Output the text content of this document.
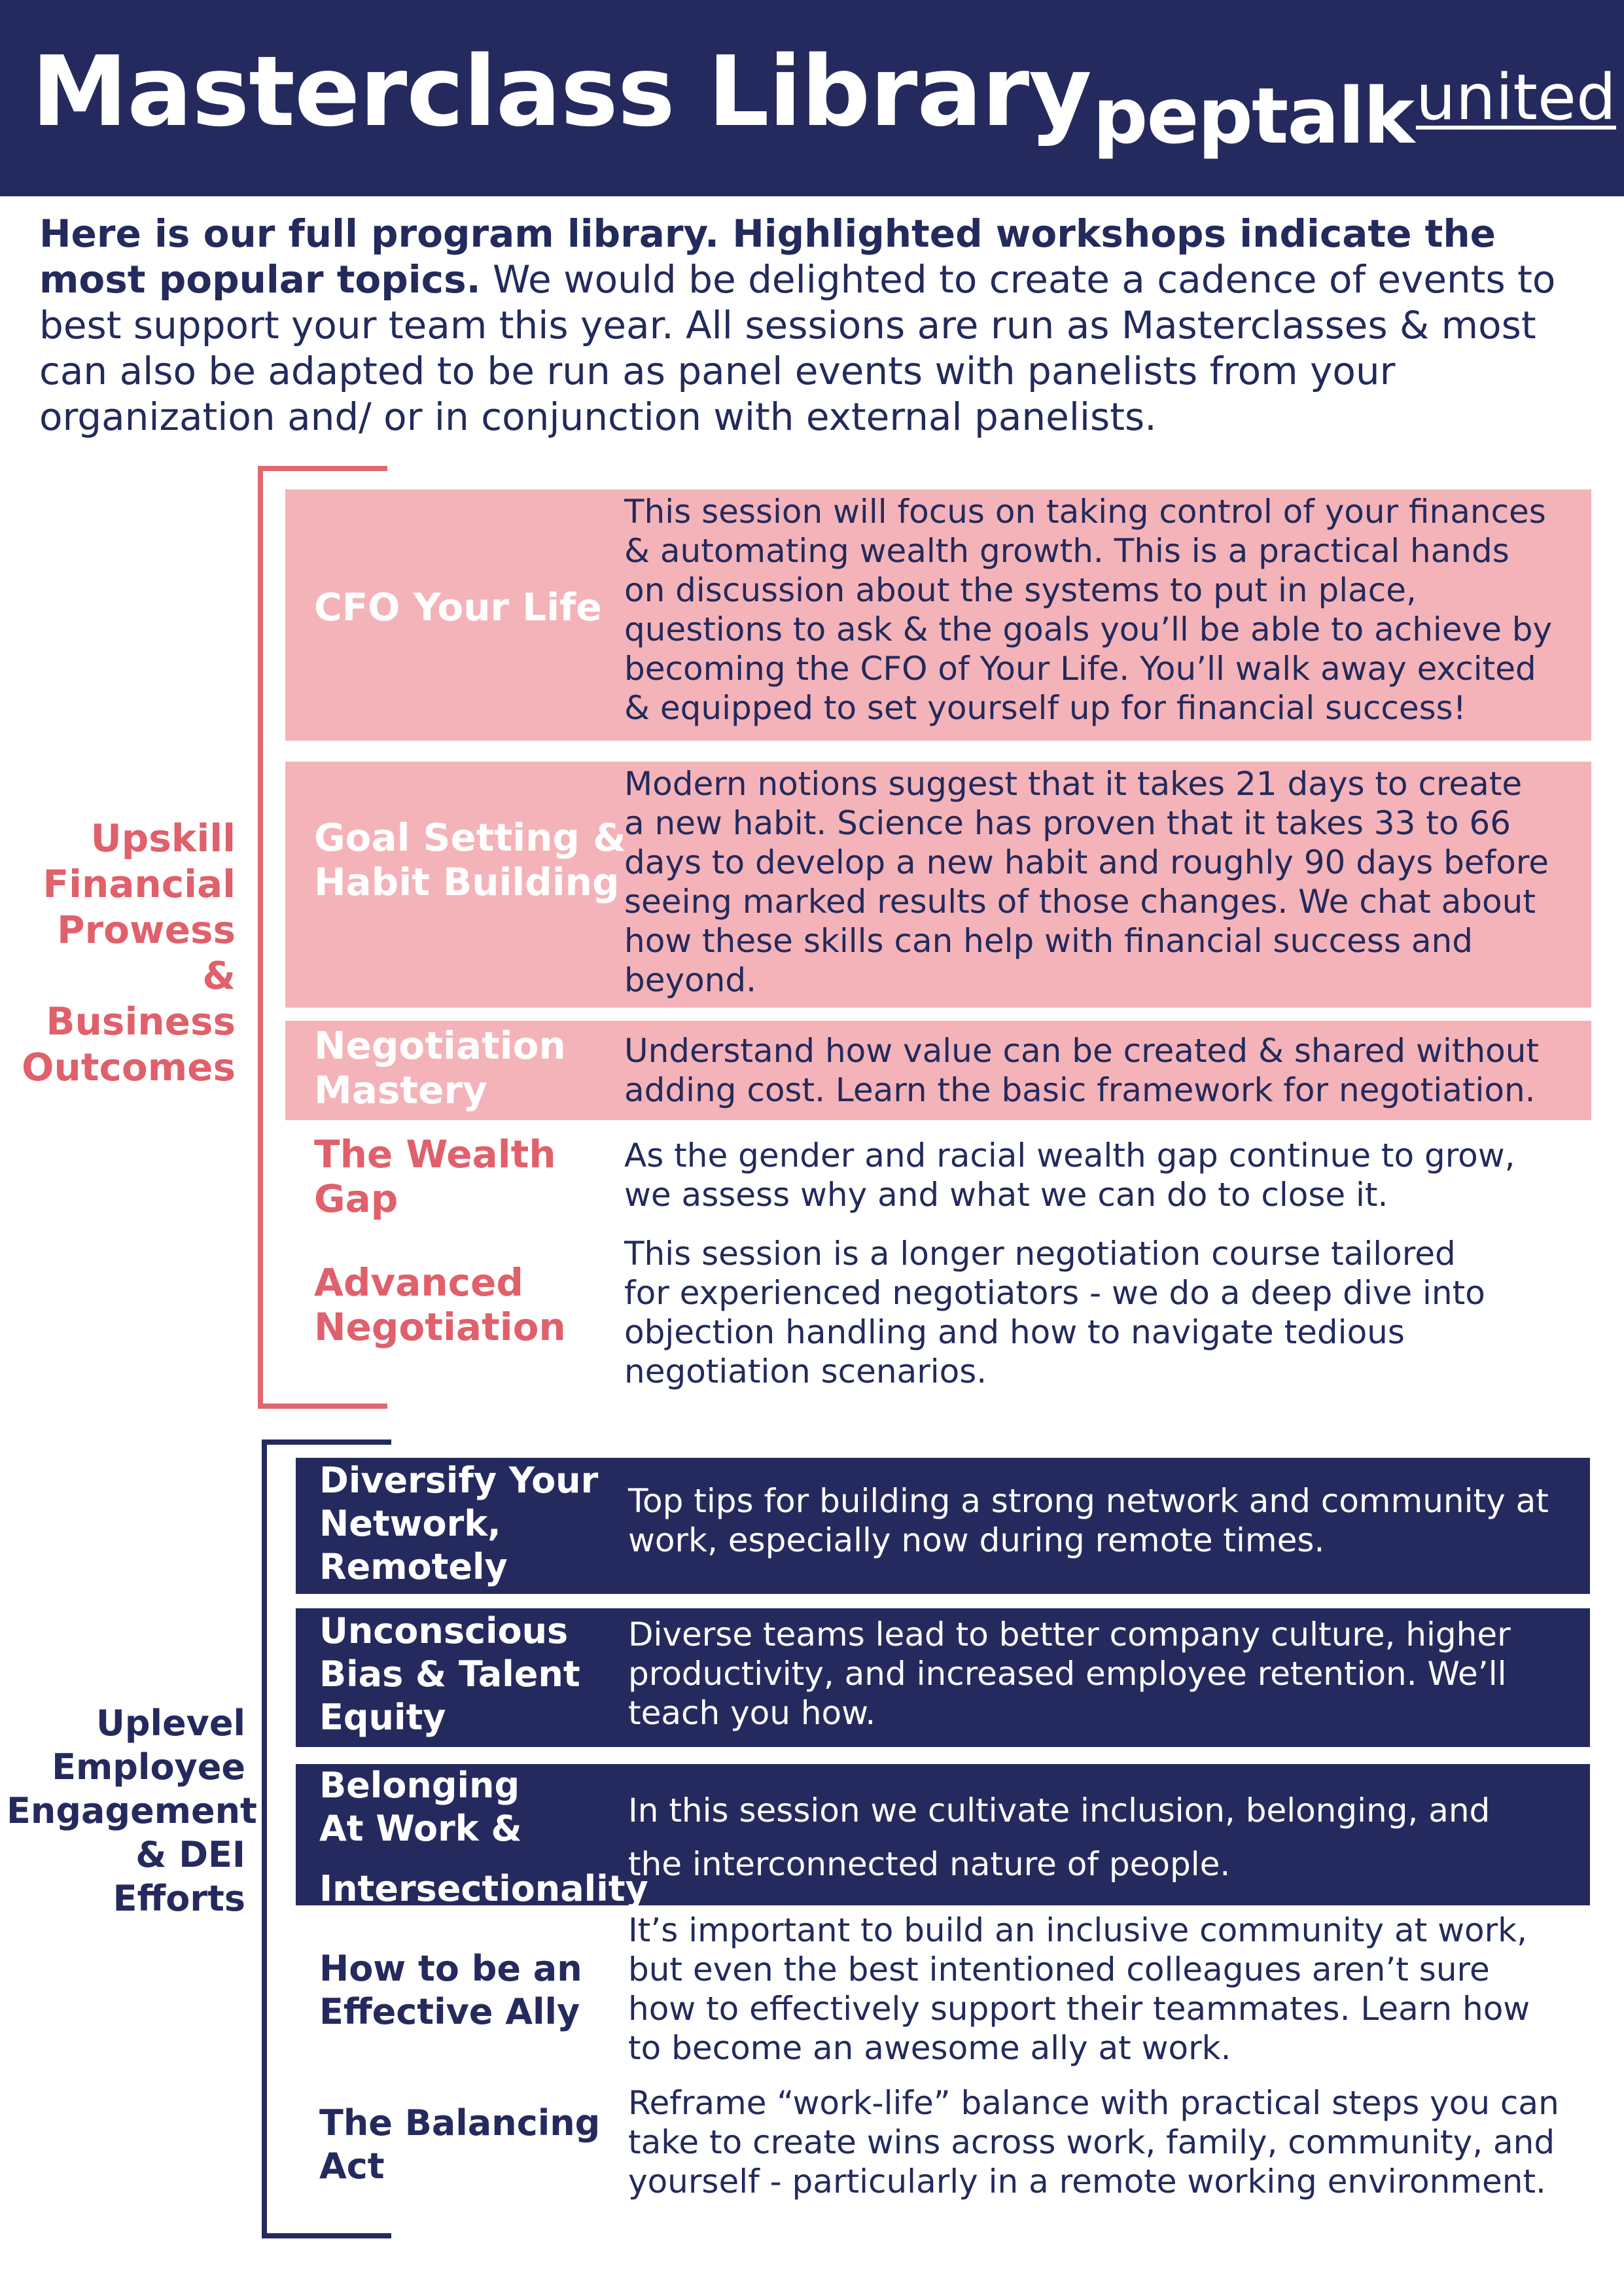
Masterclass Library peptalkunited

Here is our full program library. Highlighted workshops indicate the most popular topics. We would be delighted to create a cadence of events to best support your team this year. All sessions are run as Masterclasses & most can also be adapted to be run as panel events with panelists from your organization and/ or in conjunction with external panelists.

Upskill
Financial
Prowess
& Business
Outcomes

CFO Your Life

This session will focus on taking control of your finances
& automating wealth growth. This is a practical hands
on discussion about the systems to put in place,
questions to ask & the goals you’ll be able to achieve by
becoming the CFO of Your Life. You’ll walk away excited
& equipped to set yourself up for financial success!

Goal Setting &
Habit Building

Modern notions suggest that it takes 21 days to create
a new habit. Science has proven that it takes 33 to 66
days to develop a new habit and roughly 90 days before
seeing marked results of those changes. We chat about
how these skills can help with financial success and
beyond.

Negotiation
Mastery

Understand how value can be created & shared without
adding cost. Learn the basic framework for negotiation.

The Wealth
Gap

As the gender and racial wealth gap continue to grow,
we assess why and what we can do to close it.

Advanced
Negotiation

This session is a longer negotiation course tailored
for experienced negotiators - we do a deep dive into
objection handling and how to navigate tedious
negotiation scenarios.

Uplevel
Employee
Engagement
& DEI Efforts

Diversify Your
Network,
Remotely

Top tips for building a strong network and community at
work, especially now during remote times.

Unconscious
Bias & Talent
Equity

Diverse teams lead to better company culture, higher
productivity, and increased employee retention. We’ll
teach you how.

Belonging
At Work &
Intersectionality

In this session we cultivate inclusion, belonging, and
the interconnected nature of people.

How to be an
Effective Ally

It’s important to build an inclusive community at work,
but even the best intentioned colleagues aren’t sure
how to effectively support their teammates. Learn how
to become an awesome ally at work.

The Balancing
Act

Reframe “work-life” balance with practical steps you can
take to create wins across work, family, community, and
yourself - particularly in a remote working environment.
